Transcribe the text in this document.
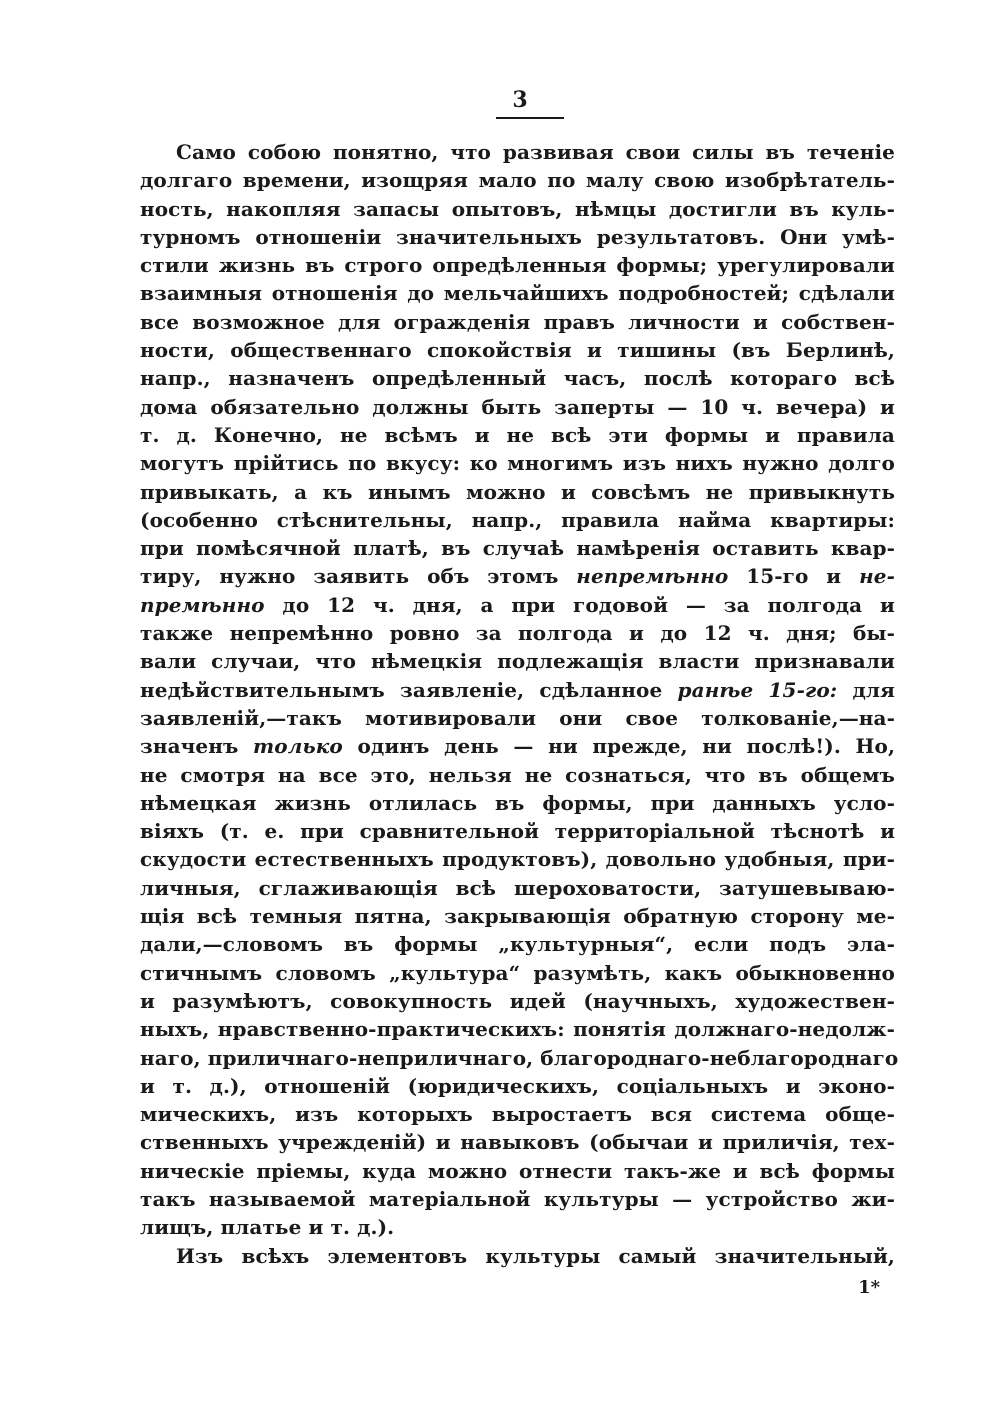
3
Само собою понятно, что развивая свои силы въ теченіе
долгаго времени, изощряя мало по малу свою изобрѣтатель-
ность, накопляя запасы опытовъ, нѣмцы достигли въ куль-
турномъ отношеніи значительныхъ результатовъ. Они умѣ-
стили жизнь въ строго опредѣленныя формы; урегулировали
взаимныя отношенія до мельчайшихъ подробностей; сдѣлали
все возможное для огражденія правъ личности и собствен-
ности, общественнаго спокойствія и тишины (въ Берлинѣ,
напр., назначенъ опредѣленный часъ, послѣ котораго всѣ
дома обязательно должны быть заперты — 10 ч. вечера) и
т. д. Конечно, не всѣмъ и не всѣ эти формы и правила
могутъ прійтись по вкусу: ко многимъ изъ нихъ нужно долго
привыкать, а къ инымъ можно и совсѣмъ не привыкнуть
(особенно стѣснительны, напр., правила найма квартиры:
при помѣсячной платѣ, въ случаѣ намѣренія оставить квар-
тиру, нужно заявить объ этомъ непремѣнно 15-го и не-
премѣнно до 12 ч. дня, а при годовой — за полгода и
также непремѣнно ровно за полгода и до 12 ч. дня; бы-
вали случаи, что нѣмецкія подлежащія власти признавали
недѣйствительнымъ заявленіе, сдѣланное ранѣе 15-го: для
заявленій,—такъ мотивировали они свое толкованіе,—на-
значенъ только одинъ день — ни прежде, ни послѣ!). Но,
не смотря на все это, нельзя не сознаться, что въ общемъ
нѣмецкая жизнь отлилась въ формы, при данныхъ усло-
віяхъ (т. е. при сравнительной территоріальной тѣснотѣ и
скудости естественныхъ продуктовъ), довольно удобныя, при-
личныя, сглаживающія всѣ шероховатости, затушевываю-
щія всѣ темныя пятна, закрывающія обратную сторону ме-
дали,—словомъ въ формы „культурныя“, если подъ эла-
стичнымъ словомъ „культура“ разумѣть, какъ обыкновенно
и разумѣютъ, совокупность идей (научныхъ, художествен-
ныхъ, нравственно-практическихъ: понятія должнаго-недолж-
наго, приличнаго-неприличнаго, благороднаго-неблагороднаго
и т. д.), отношеній (юридическихъ, соціальныхъ и эконо-
мическихъ, изъ которыхъ выростаетъ вся система обще-
ственныхъ учрежденій) и навыковъ (обычаи и приличія, тех-
ническіе пріемы, куда можно отнести такъ-же и всѣ формы
такъ называемой матеріальной культуры — устройство жи-
лищъ, платье и т. д.).
Изъ всѣхъ элементовъ культуры самый значительный,
1*
